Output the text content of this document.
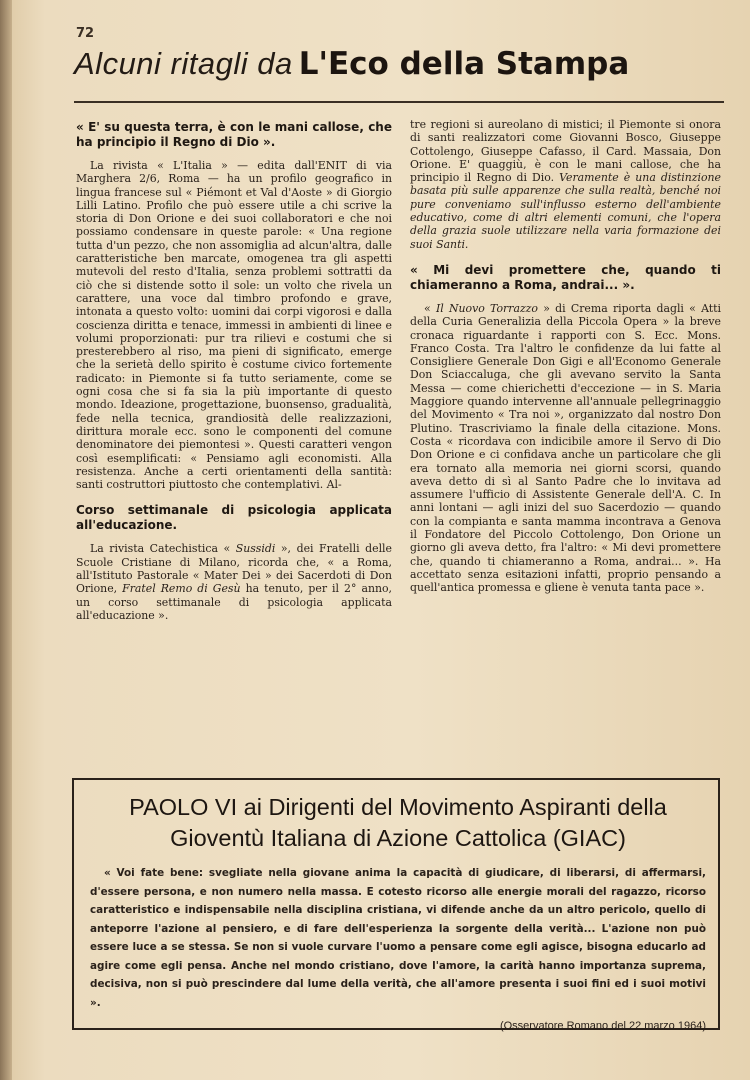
72
Alcuni ritagli da L'Eco della Stampa
« E' su questa terra, è con le mani callose, che ha principio il Regno di Dio ».

La rivista « L'Italia » — edita dall'ENIT di via Marghera 2/6, Roma — ha un profilo geografico in lingua francese sul « Piémont et Val d'Aoste » di Giorgio Lilli Latino. Profilo che può essere utile a chi scrive la storia di Don Orione e dei suoi collaboratori e che noi possiamo condensare in queste parole: « Una regione tutta d'un pezzo, che non assomiglia ad alcun'altra, dalle caratteristiche ben marcate, omogenea tra gli aspetti mutevoli del resto d'Italia, senza problemi sottratti da ciò che si distende sotto il sole: un volto che rivela un carattere, una voce dal timbro profondo e grave, intonata a questo volto: uomini dai corpi vigorosi e dalla coscienza diritta e tenace, immessi in ambienti di linee e volumi proporzionati: pur tra rilievi e costumi che si presterebbero al riso, ma pieni di significato, emerge che la serietà dello spirito è costume civico fortemente radicato: in Piemonte si fa tutto seriamente, come se ogni cosa che si fa sia la più importante di questo mondo. Ideazione, progettazione, buonsenso, gradualità, fede nella tecnica, grandiosità delle realizzazioni, dirittura morale ecc. sono le componenti del comune denominatore dei piemontesi ». Questi caratteri vengon così esemplificati: « Pensiamo agli economisti. Alla resistenza. Anche a certi orientamenti della santità: santi costruttori piuttosto che contemplativi. Al-

Corso settimanale di psicologia applicata all'educazione.

La rivista Catechistica « Sussidi », dei Fratelli delle Scuole Cristiane di Milano, ricorda che, « a Roma, all'Istituto Pastorale « Mater Dei » dei Sacerdoti di Don Orione, Fratel Remo di Gesù ha tenuto, per il 2° anno, un corso settimanale di psicologia applicata all'educazione ».

tre regioni si aureolano di mistici; il Piemonte si onora di santi realizzatori come Giovanni Bosco, Giuseppe Cottolengo, Giuseppe Cafasso, il Card. Massaia, Don Orione. E' quaggiù, è con le mani callose, che ha principio il Regno di Dio. Veramente è una distinzione basata più sulle apparenze che sulla realtà, benché noi pure conveniamo sull'influsso esterno dell'ambiente educativo, come di altri elementi comuni, che l'opera della grazia suole utilizzare nella varia formazione dei suoi Santi.

« Mi devi promettere che, quando ti chiameranno a Roma, andrai... ».

« Il Nuovo Torrazzo » di Crema riporta dagli « Atti della Curia Generalizia della Piccola Opera » la breve cronaca riguardante i rapporti con S. Ecc. Mons. Franco Costa. Tra l'altro le confidenze da lui fatte al Consigliere Generale Don Gigi e all'Economo Generale Don Sciaccaluga, che gli avevano servito la Santa Messa — come chierichetti d'eccezione — in S. Maria Maggiore quando intervenne all'annuale pellegrinaggio del Movimento « Tra noi », organizzato dal nostro Don Plutino. Trascriviamo la finale della citazione. Mons. Costa « ricordava con indicibile amore il Servo di Dio Don Orione e ci confidava anche un particolare che gli era tornato alla memoria nei giorni scorsi, quando aveva detto di sì al Santo Padre che lo invitava ad assumere l'ufficio di Assistente Generale dell'A. C. In anni lontani — agli inizi del suo Sacerdozio — quando con la compianta e santa mamma incontrava a Genova il Fondatore del Piccolo Cottolengo, Don Orione un giorno gli aveva detto, fra l'altro: « Mi devi promettere che, quando ti chiameranno a Roma, andrai... ». Ha accettato senza esitazioni infatti, proprio pensando a quell'antica promessa e gliene è venuta tanta pace ».

PAOLO VI ai Dirigenti del Movimento Aspiranti della Gioventù Italiana di Azione Cattolica (GIAC)

« Voi fate bene: svegliate nella giovane anima la capacità di giudicare, di liberarsi, di affermarsi, d'essere persona, e non numero nella massa. E cotesto ricorso alle energie morali del ragazzo, ricorso caratteristico e indispensabile nella disciplina cristiana, vi difende anche da un altro pericolo, quello di anteporre l'azione al pensiero, e di fare dell'esperienza la sorgente della verità... L'azione non può essere luce a se stessa. Se non si vuole curvare l'uomo a pensare come egli agisce, bisogna educarlo ad agire come egli pensa. Anche nel mondo cristiano, dove l'amore, la carità hanno importanza suprema, decisiva, non si può prescindere dal lume della verità, che all'amore presenta i suoi fini ed i suoi motivi ».

(Osservatore Romano del 22 marzo 1964)
